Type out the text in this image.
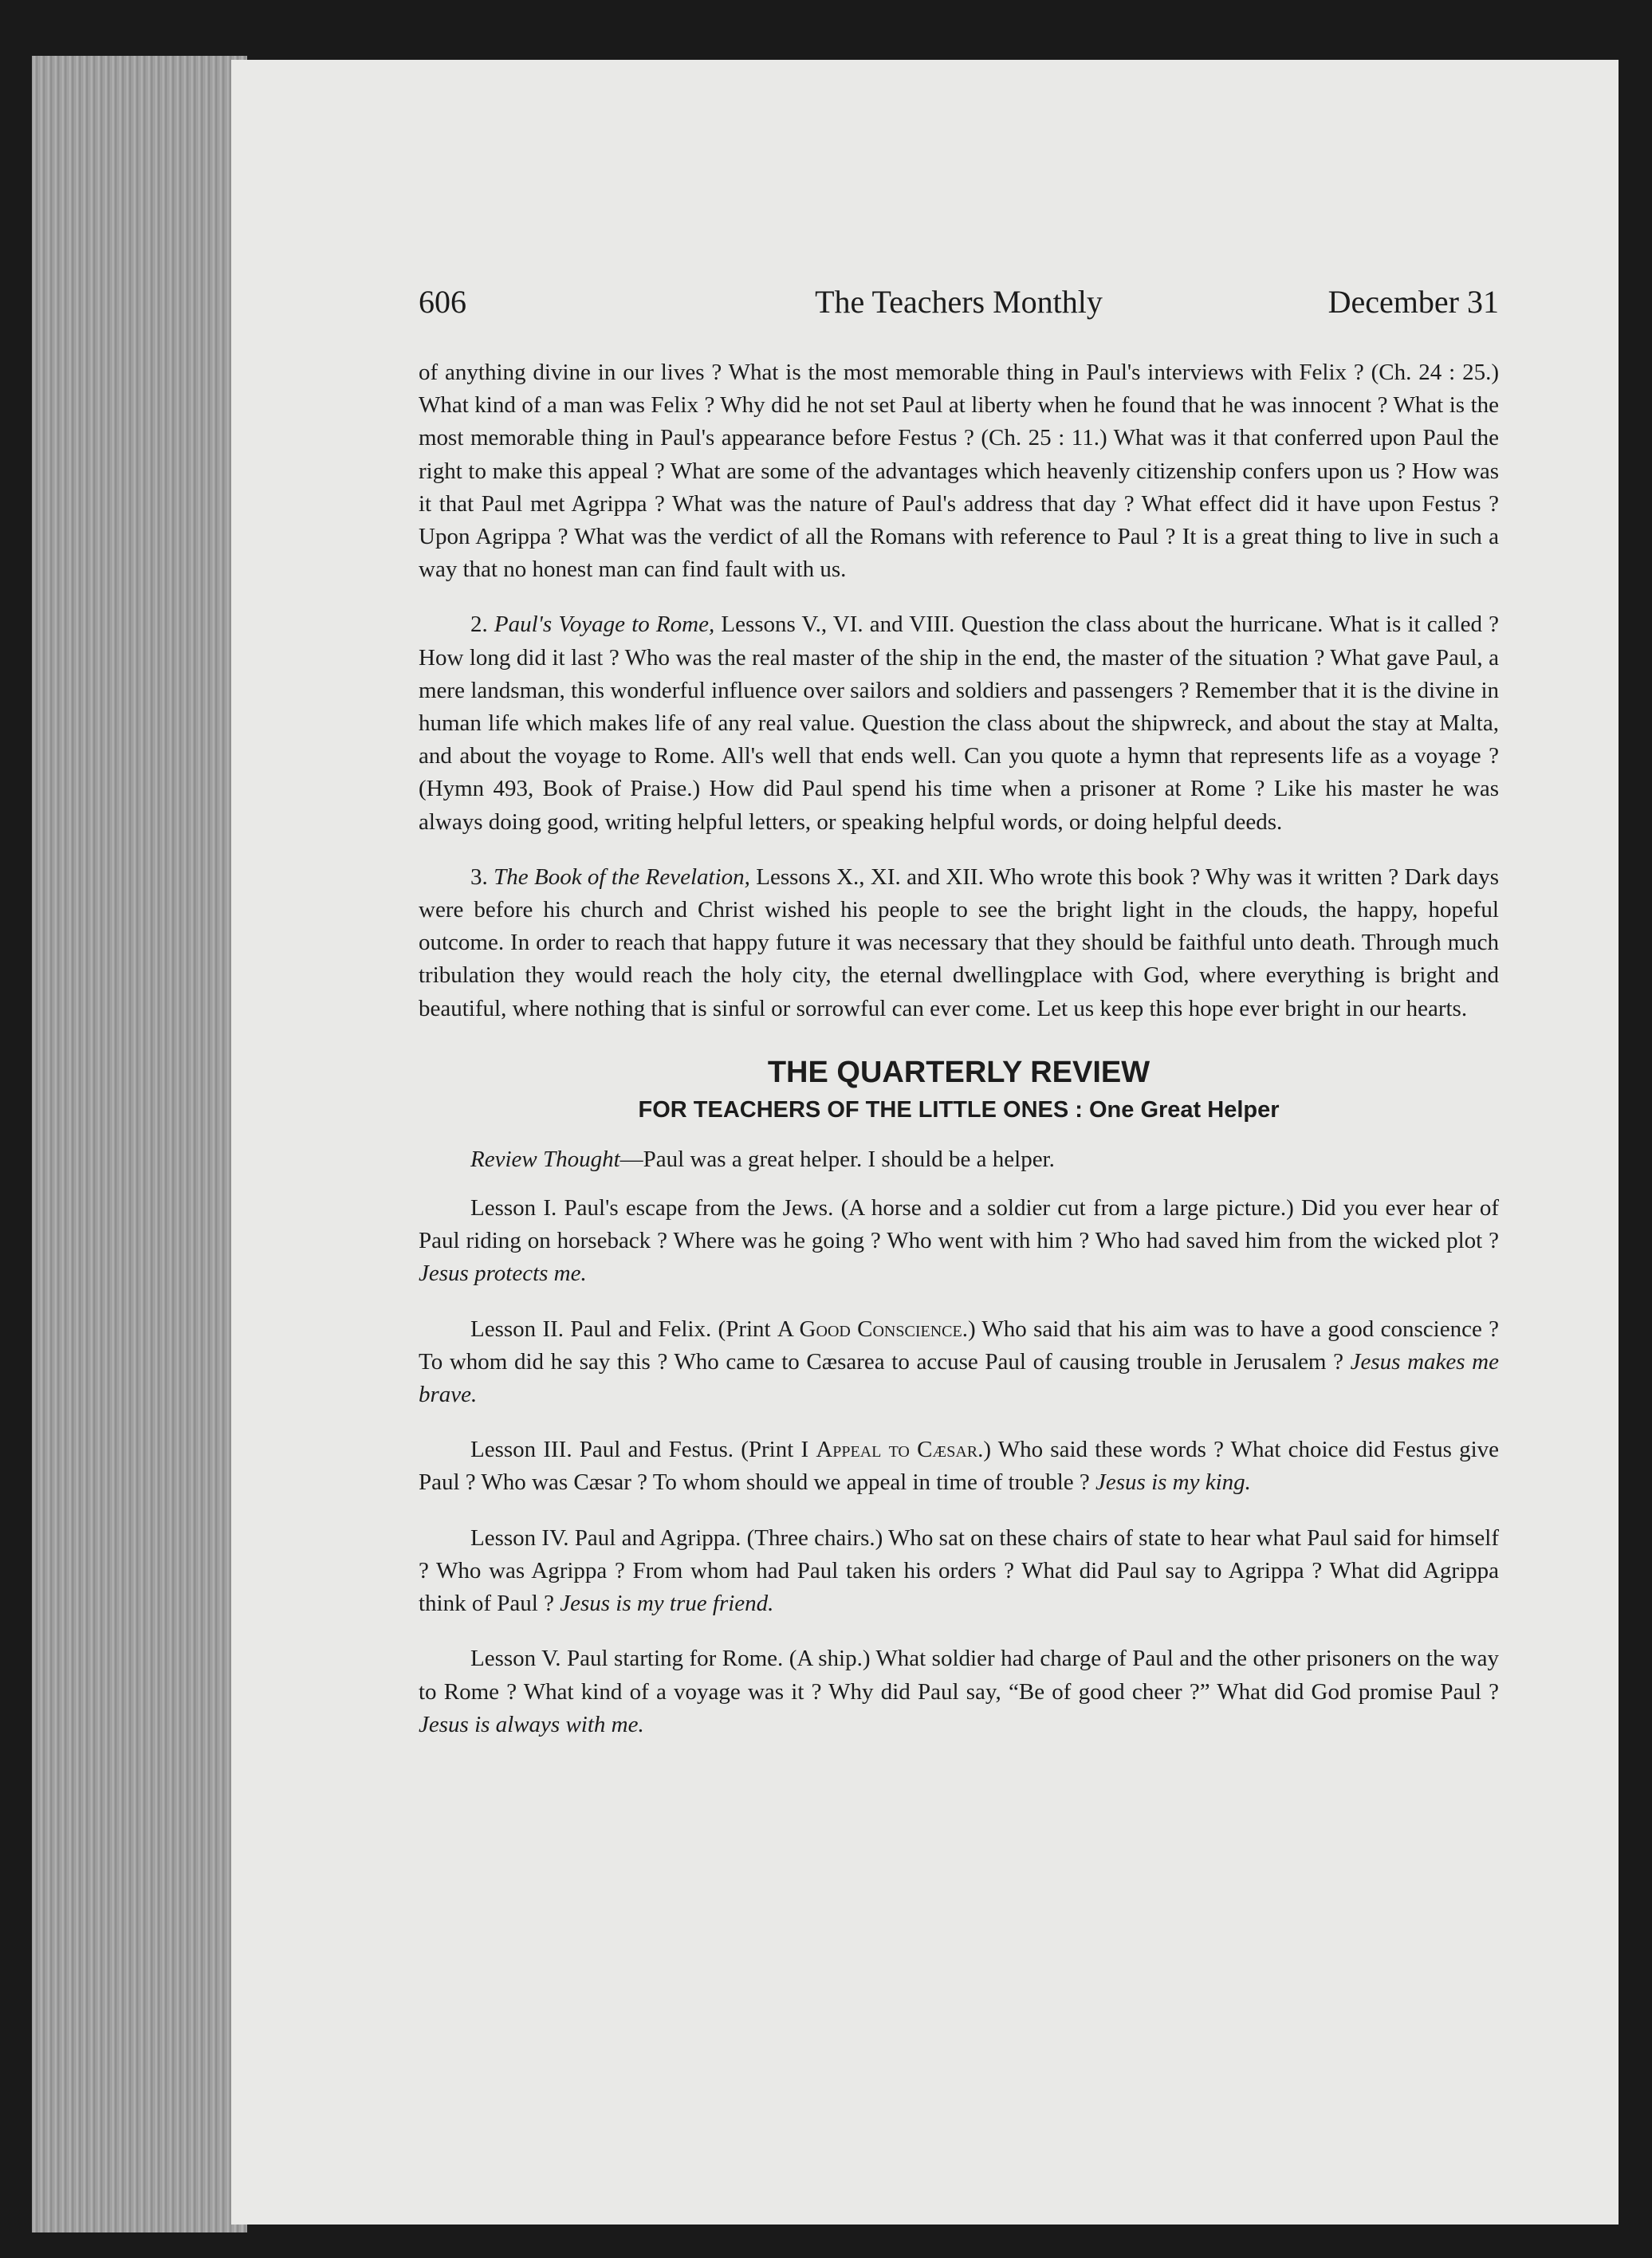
The Teachers Monthly
606	December 31

of anything divine in our lives ? What is the most memorable thing in Paul's interviews with Felix ? (Ch. 24 : 25.) What kind of a man was Felix ? Why did he not set Paul at liberty when he found that he was innocent ? What is the most memorable thing in Paul's appearance before Festus ? (Ch. 25 : 11.) What was it that conferred upon Paul the right to make this appeal ? What are some of the advantages which heavenly citizenship confers upon us ? How was it that Paul met Agrippa ? What was the nature of Paul's address that day ? What effect did it have upon Festus ? Upon Agrippa ? What was the verdict of all the Romans with reference to Paul ? It is a great thing to live in such a way that no honest man can find fault with us.

2. Paul's Voyage to Rome, Lessons V., VI. and VIII. Question the class about the hurricane. What is it called ? How long did it last ? Who was the real master of the ship in the end, the master of the situation ? What gave Paul, a mere landsman, this wonderful influence over sailors and soldiers and passengers ? Remember that it is the divine in human life which makes life of any real value. Question the class about the shipwreck, and about the stay at Malta, and about the voyage to Rome. All's well that ends well. Can you quote a hymn that represents life as a voyage ? (Hymn 493, Book of Praise.) How did Paul spend his time when a prisoner at Rome ? Like his master he was always doing good, writing helpful letters, or speaking helpful words, or doing helpful deeds.

3. The Book of the Revelation, Lessons X., XI. and XII. Who wrote this book ? Why was it written ? Dark days were before his church and Christ wished his people to see the bright light in the clouds, the happy, hopeful outcome. In order to reach that happy future it was necessary that they should be faithful unto death. Through much tribulation they would reach the holy city, the eternal dwellingplace with God, where everything is bright and beautiful, where nothing that is sinful or sorrowful can ever come. Let us keep this hope ever bright in our hearts.

THE QUARTERLY REVIEW
FOR TEACHERS OF THE LITTLE ONES : One Great Helper

Review Thought—Paul was a great helper. I should be a helper.

Lesson I. Paul's escape from the Jews. (A horse and a soldier cut from a large picture.) Did you ever hear of Paul riding on horseback ? Where was he going ? Who went with him ? Who had saved him from the wicked plot ? Jesus protects me.

Lesson II. Paul and Felix. (Print A Good Conscience.) Who said that his aim was to have a good conscience ? To whom did he say this ? Who came to Cæsarea to accuse Paul of causing trouble in Jerusalem ? Jesus makes me brave.

Lesson III. Paul and Festus. (Print I Appeal to Cæsar.) Who said these words ? What choice did Festus give Paul ? Who was Cæsar ? To whom should we appeal in time of trouble ? Jesus is my king.

Lesson IV. Paul and Agrippa. (Three chairs.) Who sat on these chairs of state to hear what Paul said for himself ? Who was Agrippa ? From whom had Paul taken his orders ? What did Paul say to Agrippa ? What did Agrippa think of Paul ? Jesus is my true friend.

Lesson V. Paul starting for Rome. (A ship.) What soldier had charge of Paul and the other prisoners on the way to Rome ? What kind of a voyage was it ? Why did Paul say, “Be of good cheer ?” What did God promise Paul ? Jesus is always with me.
